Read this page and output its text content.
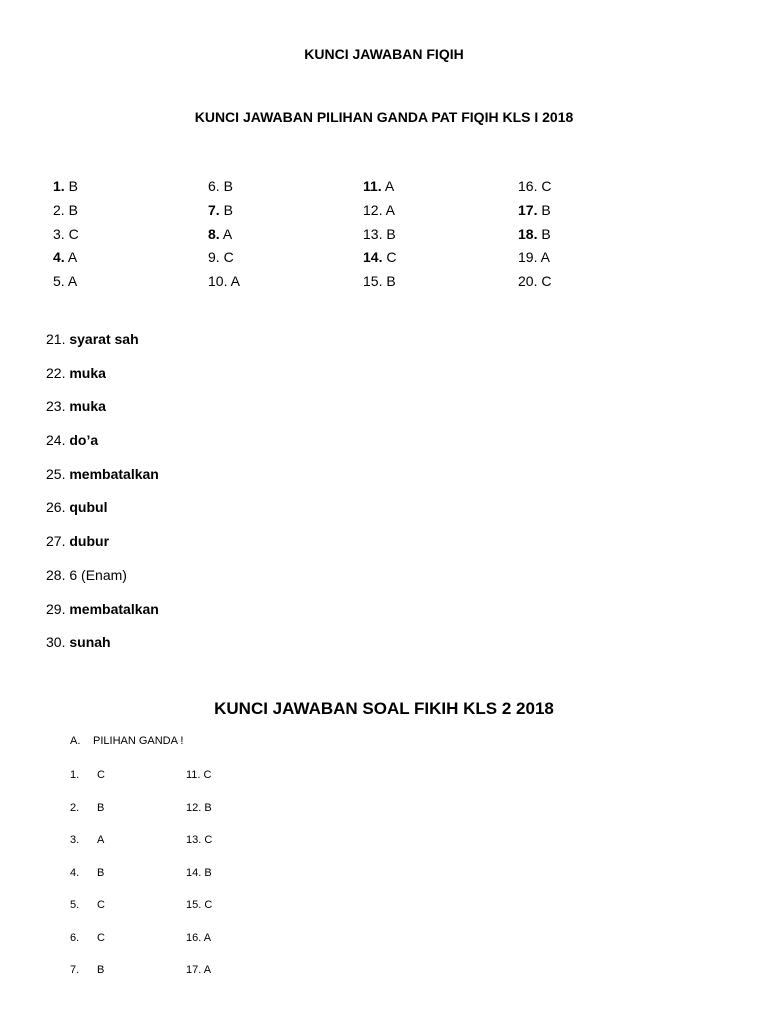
KUNCI JAWABAN FIQIH
KUNCI JAWABAN PILIHAN GANDA PAT FIQIH KLS I 2018
1. B
2. B
3. C
4. A
5. A
6. B
7. B
8. A
9. C
10. A
11. A
12. A
13. B
14. C
15. B
16. C
17. B
18. B
19. A
20. C
21. syarat sah
22. muka
23. muka
24. do’a
25. membatalkan
26. qubul
27. dubur
28. 6 (Enam)
29. membatalkan
30. sunah
KUNCI JAWABAN SOAL FIKIH KLS 2 2018
A. PILIHAN GANDA !
1.	C	11. C
2.	B	12. B
3.	A	13. C
4.	B	14. B
5.	C	15. C
6.	C	16. A
7.	B	17. A
